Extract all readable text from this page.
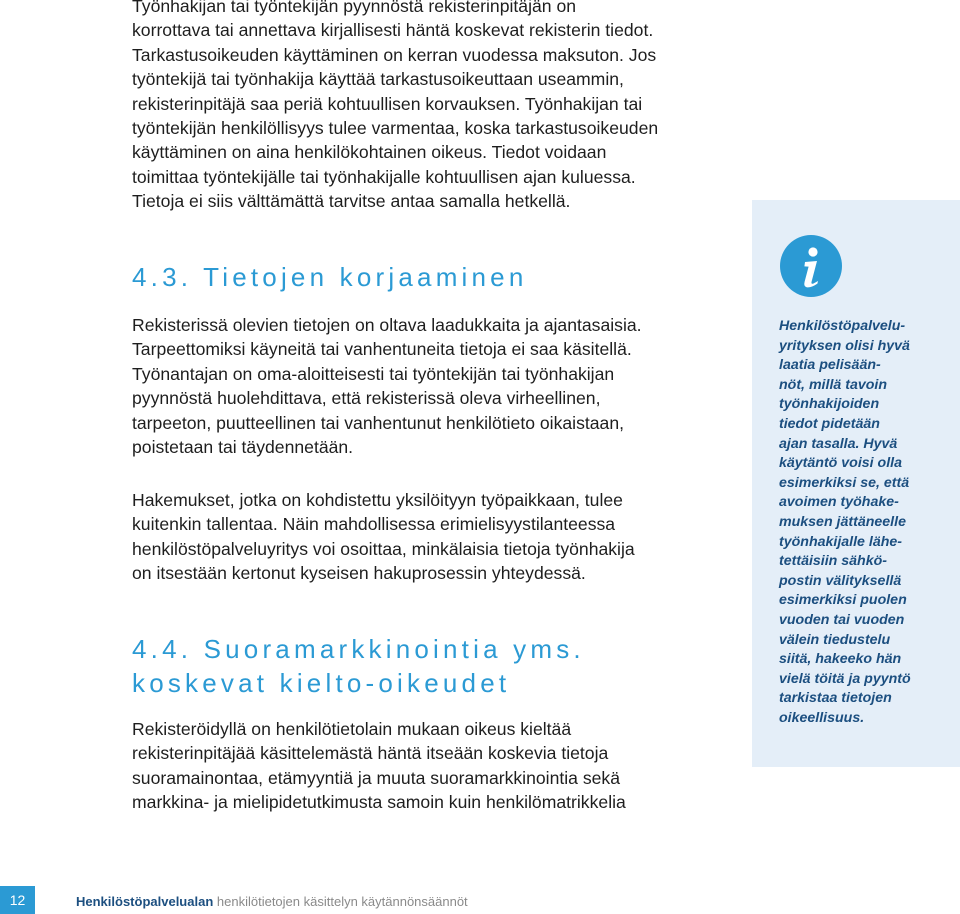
Työnhakijan tai työntekijän pyynnöstä rekisterinpitäjän on
korrottava tai annettava kirjallisesti häntä koskevat rekisterin tiedot.
Tarkastusoikeuden käyttäminen on kerran vuodessa maksuton. Jos
työntekijä tai työnhakija käyttää tarkastusoikeuttaan useammin,
rekisterinpitäjä saa periä kohtuullisen korvauksen. Työnhakijan tai
työntekijän henkilöllisyys tulee varmentaa, koska tarkastusoikeuden
käyttäminen on aina henkilökohtainen oikeus. Tiedot voidaan
toimittaa työntekijälle tai työnhakijalle kohtuullisen ajan kuluessa.
Tietoja ei siis välttämättä tarvitse antaa samalla hetkellä.

4.3. Tietojen korjaaminen

Rekisterissä olevien tietojen on oltava laadukkaita ja ajantasaisia.
Tarpeettomiksi käyneitä tai vanhentuneita tietoja ei saa käsitellä.
Työnantajan on oma-aloitteisesti tai työntekijän tai työnhakijan
pyynnöstä huolehdittava, että rekisterissä oleva virheellinen,
tarpeeton, puutteellinen tai vanhentunut henkilötieto oikaistaan,
poistetaan tai täydennetään.

Hakemukset, jotka on kohdistettu yksilöityyn työpaikkaan, tulee
kuitenkin tallentaa. Näin mahdollisessa erimielisyystilanteessa
henkilöstöpalveluyritys voi osoittaa, minkälaisia tietoja työnhakija
on itsestään kertonut kyseisen hakuprosessin yhteydessä.

4.4. Suoramarkkinointia yms.
koskevat kielto-oikeudet

Rekisteröidyllä on henkilötietolain mukaan oikeus kieltää
rekisterinpitäjää käsittelemästä häntä itseään koskevia tietoja
suoramainontaa, etämyyntiä ja muuta suoramarkkinointia sekä
markkina- ja mielipidetutkimusta samoin kuin henkilömatrikkelia

Henkilöstöpalvelu-
yrityksen olisi hyvä
laatia pelisään-
nöt, millä tavoin
työnhakijoiden
tiedot pidetään
ajan tasalla. Hyvä
käytäntö voisi olla
esimerkiksi se, että
avoimen työhake-
muksen jättäneelle
työnhakijalle lähe-
tettäisiin sähkö-
postin välityksellä
esimerkiksi puolen
vuoden tai vuoden
välein tiedustelu
siitä, hakeeko hän
vielä töitä ja pyyntö
tarkistaa tietojen
oikeellisuus.

12	Henkilöstöpalvelualan henkilötietojen käsittelyn käytännönsäännöt
